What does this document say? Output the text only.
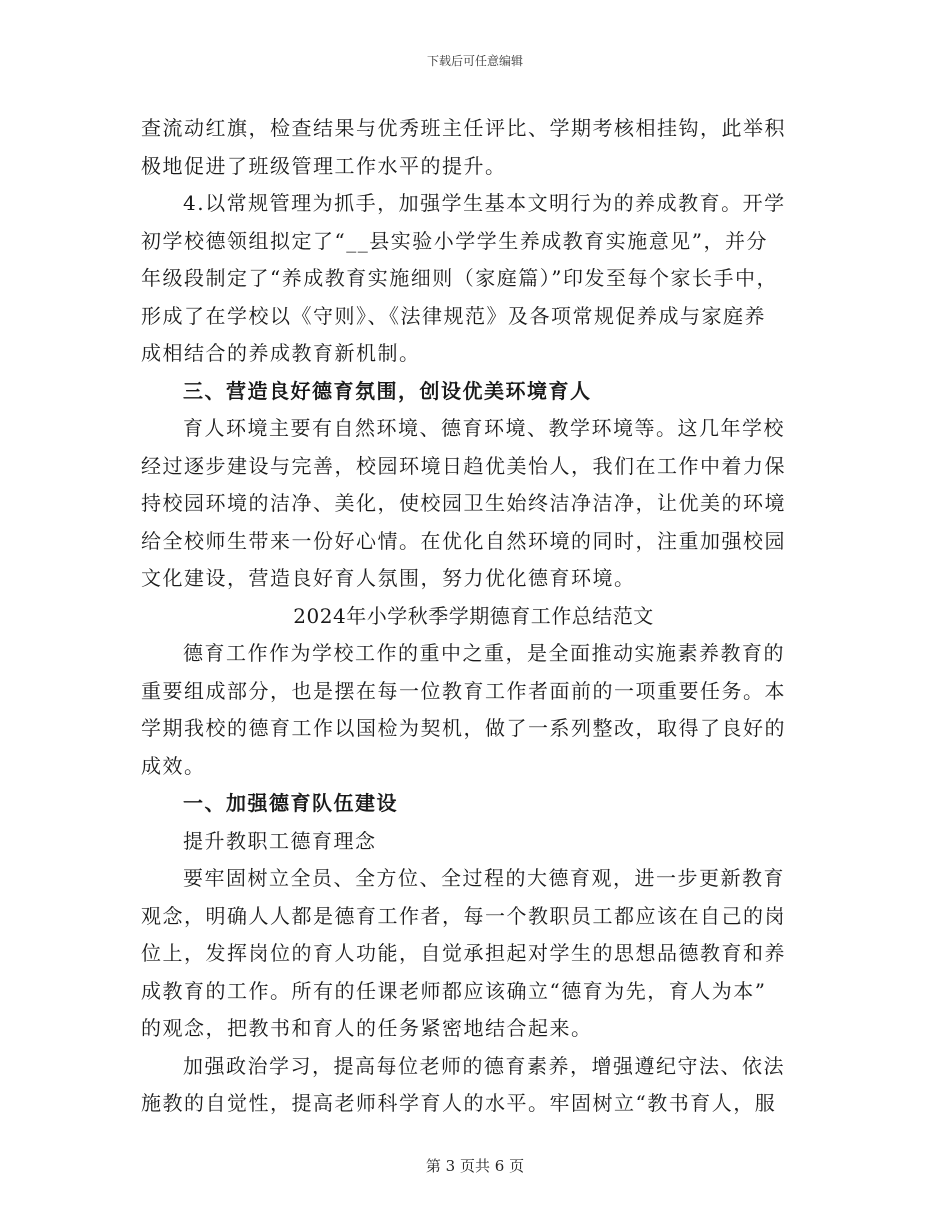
下载后可任意编辑
查流动红旗，检查结果与优秀班主任评比、学期考核相挂钩，此举积
极地促进了班级管理工作水平的提升。
4.以常规管理为抓手，加强学生基本文明行为的养成教育。开学
初学校德领组拟定了“__县实验小学学生养成教育实施意见”，并分
年级段制定了“养成教育实施细则（家庭篇）”印发至每个家长手中，
形成了在学校以《守则》、《法律规范》及各项常规促养成与家庭养
成相结合的养成教育新机制。
三、营造良好德育氛围，创设优美环境育人
育人环境主要有自然环境、德育环境、教学环境等。这几年学校
经过逐步建设与完善，校园环境日趋优美怡人，我们在工作中着力保
持校园环境的洁净、美化，使校园卫生始终洁净洁净，让优美的环境
给全校师生带来一份好心情。在优化自然环境的同时，注重加强校园
文化建设，营造良好育人氛围，努力优化德育环境。
2024年小学秋季学期德育工作总结范文
德育工作作为学校工作的重中之重，是全面推动实施素养教育的
重要组成部分，也是摆在每一位教育工作者面前的一项重要任务。本
学期我校的德育工作以国检为契机，做了一系列整改，取得了良好的
成效。
一、加强德育队伍建设
提升教职工德育理念
要牢固树立全员、全方位、全过程的大德育观，进一步更新教育
观念，明确人人都是德育工作者，每一个教职员工都应该在自己的岗
位上，发挥岗位的育人功能，自觉承担起对学生的思想品德教育和养
成教育的工作。所有的任课老师都应该确立“德育为先，育人为本”
的观念，把教书和育人的任务紧密地结合起来。
加强政治学习，提高每位老师的德育素养，增强遵纪守法、依法
施教的自觉性，提高老师科学育人的水平。牢固树立“教书育人，服
第 3 页共 6 页
